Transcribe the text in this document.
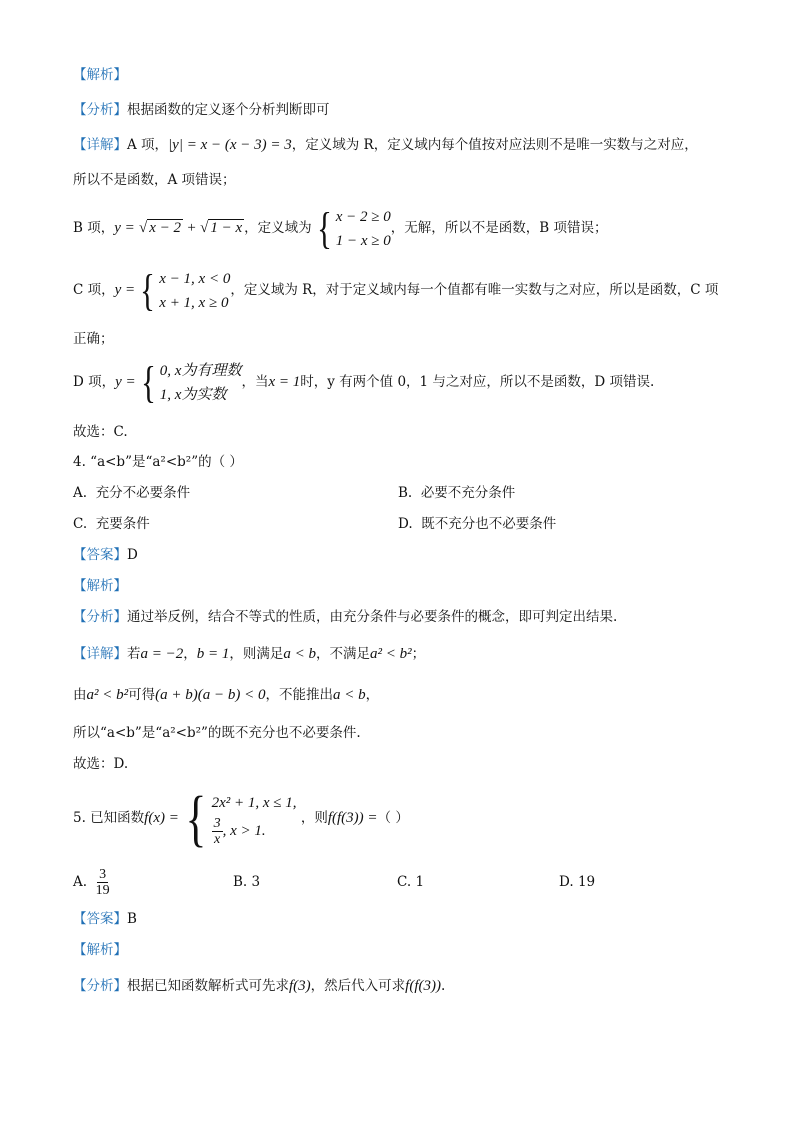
【解析】
【分析】根据函数的定义逐个分析判断即可
【详解】A 项，|y| = x − (x − 3) = 3，定义域为 R，定义域内每个值按对应法则不是唯一实数与之对应，
所以不是函数，A 项错误；
B 项，y = √ x − 2 + √ 1 − x ，定义域为 { x − 2 ≥ 0
1 − x ≥ 0
，无解，所以不是函数，B 项错误；
C 项，y = { x − 1, x < 0
x + 1, x ≥ 0
，定义域为 R，对于定义域内每一个值都有唯一实数与之对应，所以是函数，C 项
正确；
D 项，y = { 0, x为有理数
1, x为实数
，当x = 1时，y 有两个值 0，1 与之对应，所以不是函数，D 项错误.
故选：C.
4. “a<b”是“a²<b²”的（ ）
A. 充分不必要条件	B. 必要不充分条件
C. 充要条件	D. 既不充分也不必要条件
【答案】D
【解析】
【分析】通过举反例，结合不等式的性质，由充分条件与必要条件的概念，即可判定出结果.
【详解】若a = −2，b = 1，则满足a < b，不满足a² < b²；
由a² < b²可得(a + b)(a − b) < 0，不能推出a < b，
所以“a<b”是“a²<b²”的既不充分也不必要条件.
故选：D.
5. 已知函数f(x) = { 2x² + 1, x ≤ 1,
$\frac{3}{x}$ , x > 1.
，则f(f(3)) =（ ）
A. $\frac{3}{19}$	B. 3	C. 1	D. 19
【答案】B
【解析】
【分析】根据已知函数解析式可先求f(3)，然后代入可求f(f(3)).
